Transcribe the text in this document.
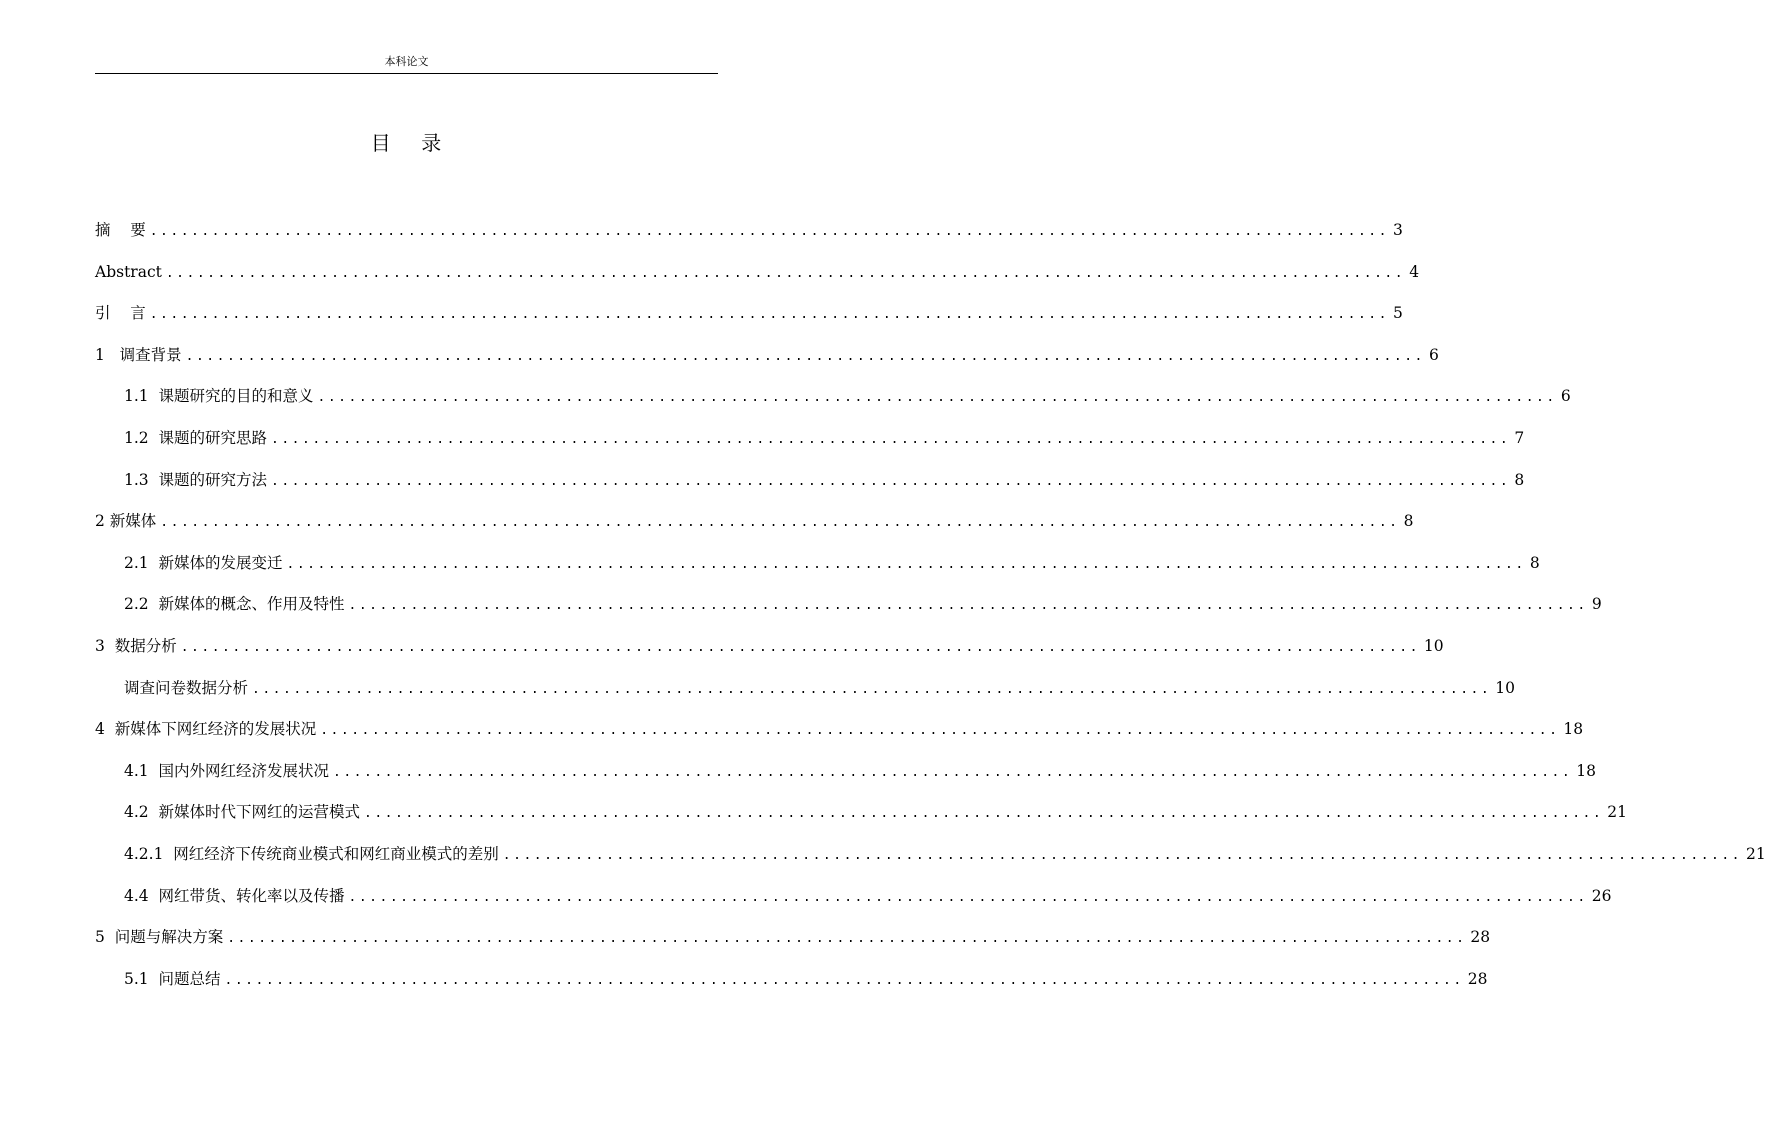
本科论文
目    录
摘    要 ........................................................................................................................ 3
Abstract ........................................................................................................................ 4
引    言 ........................................................................................................................ 5
1   调查背景 ........................................................................................................................ 6
1.1  课题研究的目的和意义 ........................................................................................................................ 6
1.2  课题的研究思路 ........................................................................................................................ 7
1.3  课题的研究方法 ........................................................................................................................ 8
2 新媒体 ........................................................................................................................ 8
2.1  新媒体的发展变迁 ........................................................................................................................ 8
2.2  新媒体的概念、作用及特性 ........................................................................................................................ 9
3  数据分析 ........................................................................................................................ 10
调查问卷数据分析 ........................................................................................................................ 10
4  新媒体下网红经济的发展状况 ........................................................................................................................ 18
4.1  国内外网红经济发展状况 ........................................................................................................................ 18
4.2  新媒体时代下网红的运营模式 ........................................................................................................................ 21
4.2.1  网红经济下传统商业模式和网红商业模式的差别 ........................................................................................................................ 21
4.4  网红带货、转化率以及传播 ........................................................................................................................ 26
5  问题与解决方案 ........................................................................................................................ 28
5.1  问题总结 ........................................................................................................................ 28
